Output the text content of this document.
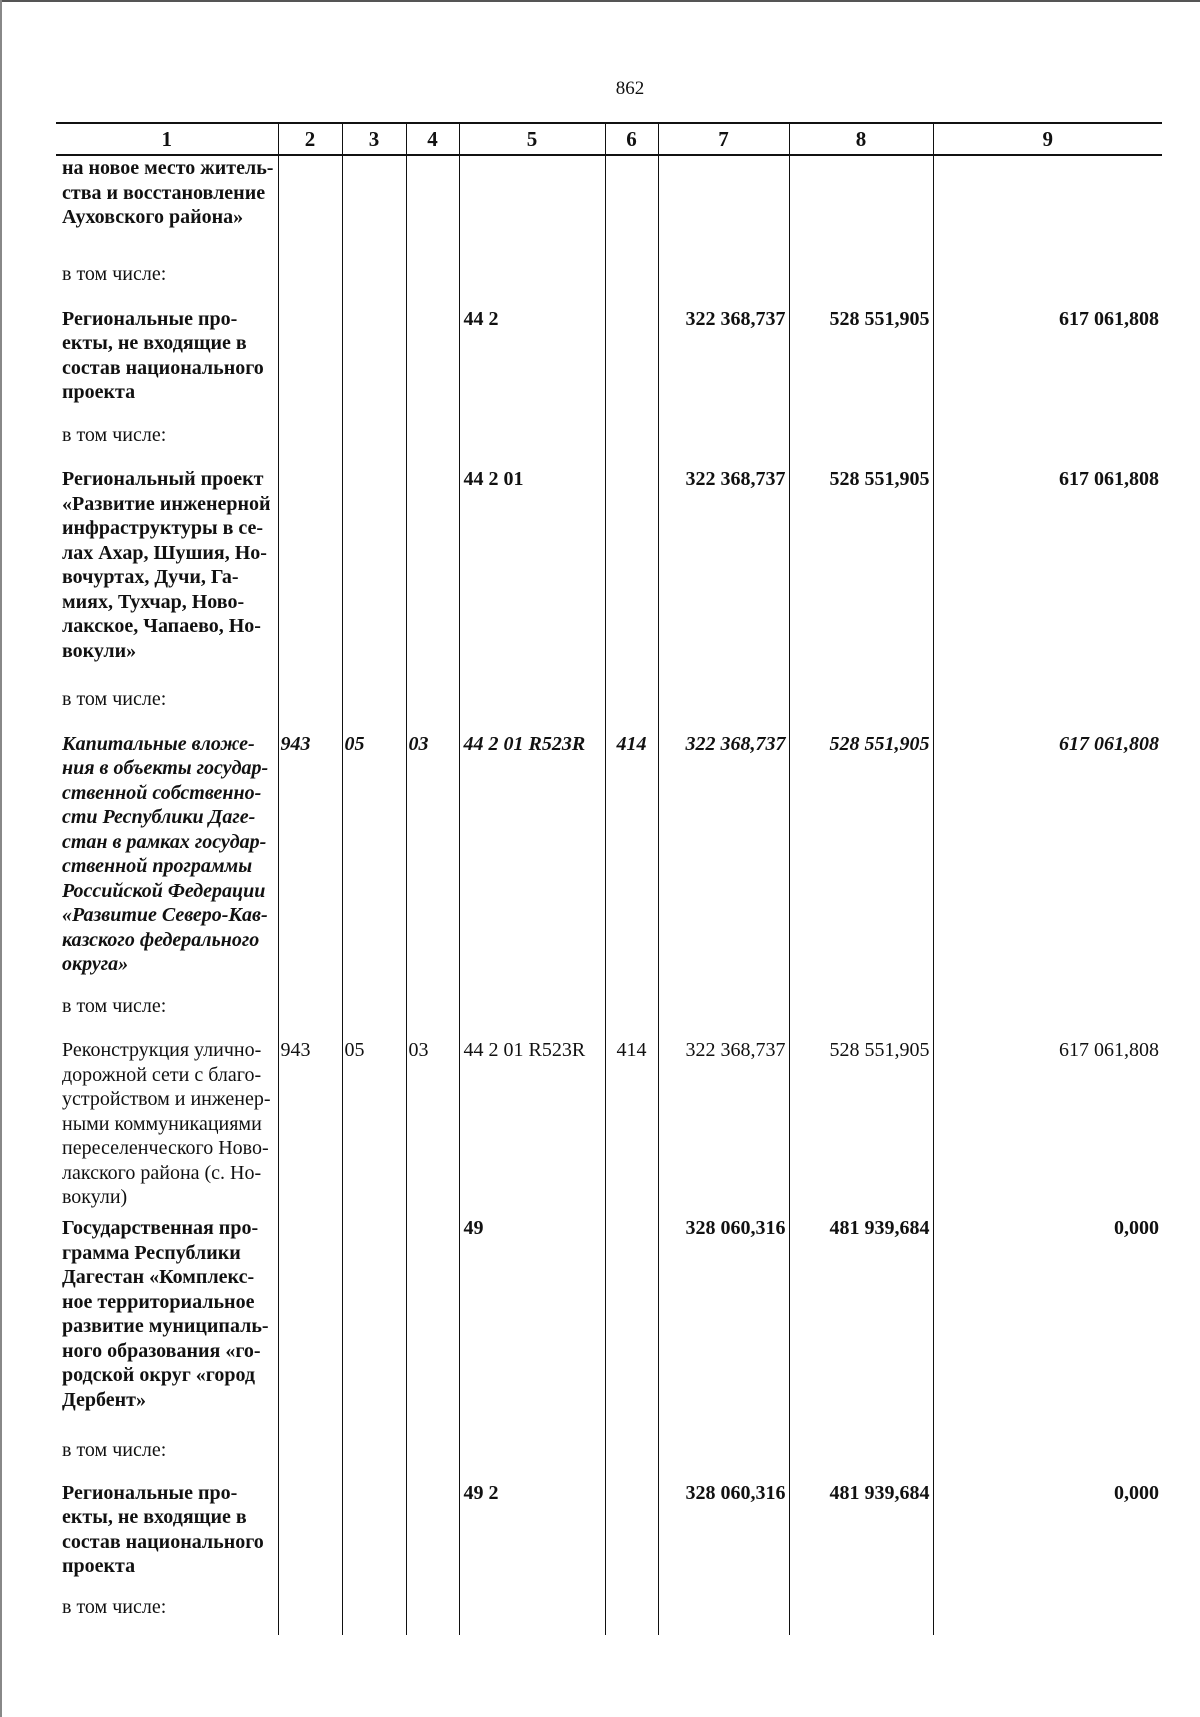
862
1	2	3	4	5	6	7	8	9
на новое место житель-ства и восстановление Ауховского района»								
в том числе:								
Региональные про-екты, не входящие в состав национального проекта				44 2		322 368,737	528 551,905	617 061,808
в том числе:								
Региональный проект «Развитие инженерной инфраструктуры в се-лах Ахар, Шушия, Но-вочуртах, Дучи, Га-миях, Тухчар, Ново-лакское, Чапаево, Но-вокули»				44 2 01		322 368,737	528 551,905	617 061,808
в том числе:								
Капитальные вложе-ния в объекты государ-ственной собственно-сти Республики Даге-стан в рамках государ-ственной программы Российской Федерации «Развитие Северо-Кав-казского федерального округа»	943	05	03	44 2 01 R523R	414	322 368,737	528 551,905	617 061,808
в том числе:								
Реконструкция улично-дорожной сети с благо-устройством и инженер-ными коммуникациями переселенческого Ново-лакского района (с. Но-вокули)	943	05	03	44 2 01 R523R	414	322 368,737	528 551,905	617 061,808
Государственная про-грамма Республики Дагестан «Комплекс-ное территориальное развитие муниципаль-ного образования «го-родской округ «город Дербент»				49		328 060,316	481 939,684	0,000
в том числе:								
Региональные про-екты, не входящие в состав национального проекта				49 2		328 060,316	481 939,684	0,000
в том числе:								
